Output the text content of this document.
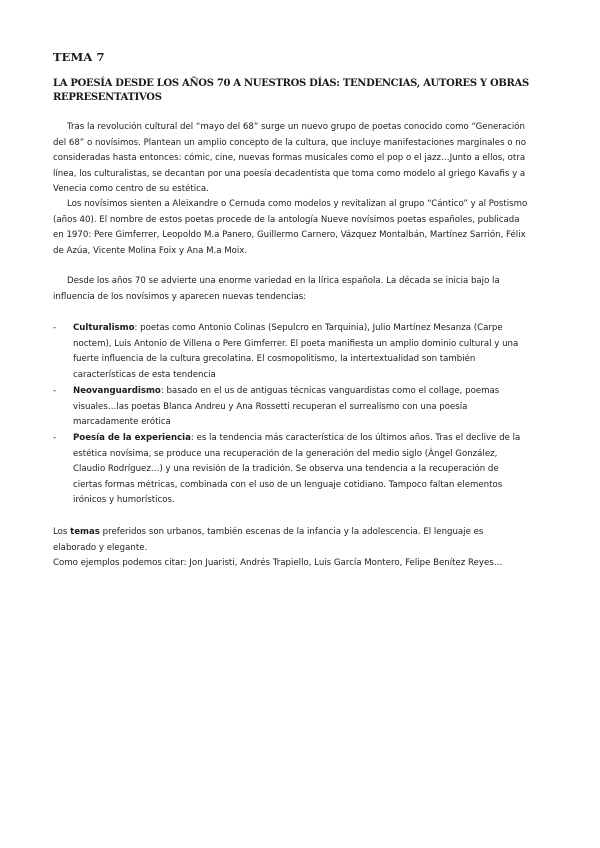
TEMA 7
LA POESÍA DESDE LOS AÑOS 70 A NUESTROS DÍAS: TENDENCIAS, AUTORES Y OBRAS REPRESENTATIVOS

Tras la revolución cultural del “mayo del 68” surge un nuevo grupo de poetas conocido como “Generación del 68” o novísimos. Plantean un amplio concepto de la cultura, que incluye manifestaciones marginales o no consideradas hasta entonces: cómic, cine, nuevas formas musicales como el pop o el jazz…Junto a ellos, otra línea, los culturalistas, se decantan por una poesía decadentista que toma como modelo al griego Kavafis y a Venecia como centro de su estética.

Los novísimos sienten a Aleixandre o Cernuda como modelos y revitalizan al grupo “Cántico” y al Postismo (años 40). El nombre de estos poetas procede de la antología Nueve novísimos poetas españoles, publicada en 1970: Pere Gimferrer, Leopoldo M.a Panero, Guillermo Carnero, Vázquez Montalbán, Martínez Sarrión, Félix de Azúa, Vicente Molina Foix y Ana M.a Moix.

Desde los años 70 se advierte una enorme variedad en la lírica española. La década se inicia bajo la influencia de los novísimos y aparecen nuevas tendencias:

-	Culturalismo: poetas como Antonio Colinas (Sepulcro en Tarquinia), Julio Martínez Mesanza (Carpe noctem), Luis Antonio de Villena o Pere Gimferrer. El poeta manifiesta un amplio dominio cultural y una fuerte influencia de la cultura grecolatina. El cosmopolitismo, la intertextualidad son también características de esta tendencia
-	Neovanguardismo: basado en el us de antiguas técnicas vanguardistas como el collage, poemas visuales…las poetas Blanca Andreu y Ana Rossetti recuperan el surrealismo con una poesía marcadamente erótica
-	Poesía de la experiencia: es la tendencia más característica de los últimos años. Tras el declive de la estética novísima, se produce una recuperación de la generación del medio siglo (Ángel González, Claudio Rodríguez…) y una revisión de la tradición. Se observa una tendencia a la recuperación de ciertas formas métricas, combinada con el uso de un lenguaje cotidiano. Tampoco faltan elementos irónicos y humorísticos.

Los temas preferidos son urbanos, también escenas de la infancia y la adolescencia. El lenguaje es elaborado y elegante.
Como ejemplos podemos citar: Jon Juaristi, Andrés Trapiello, Luis García Montero, Felipe Benítez Reyes…
